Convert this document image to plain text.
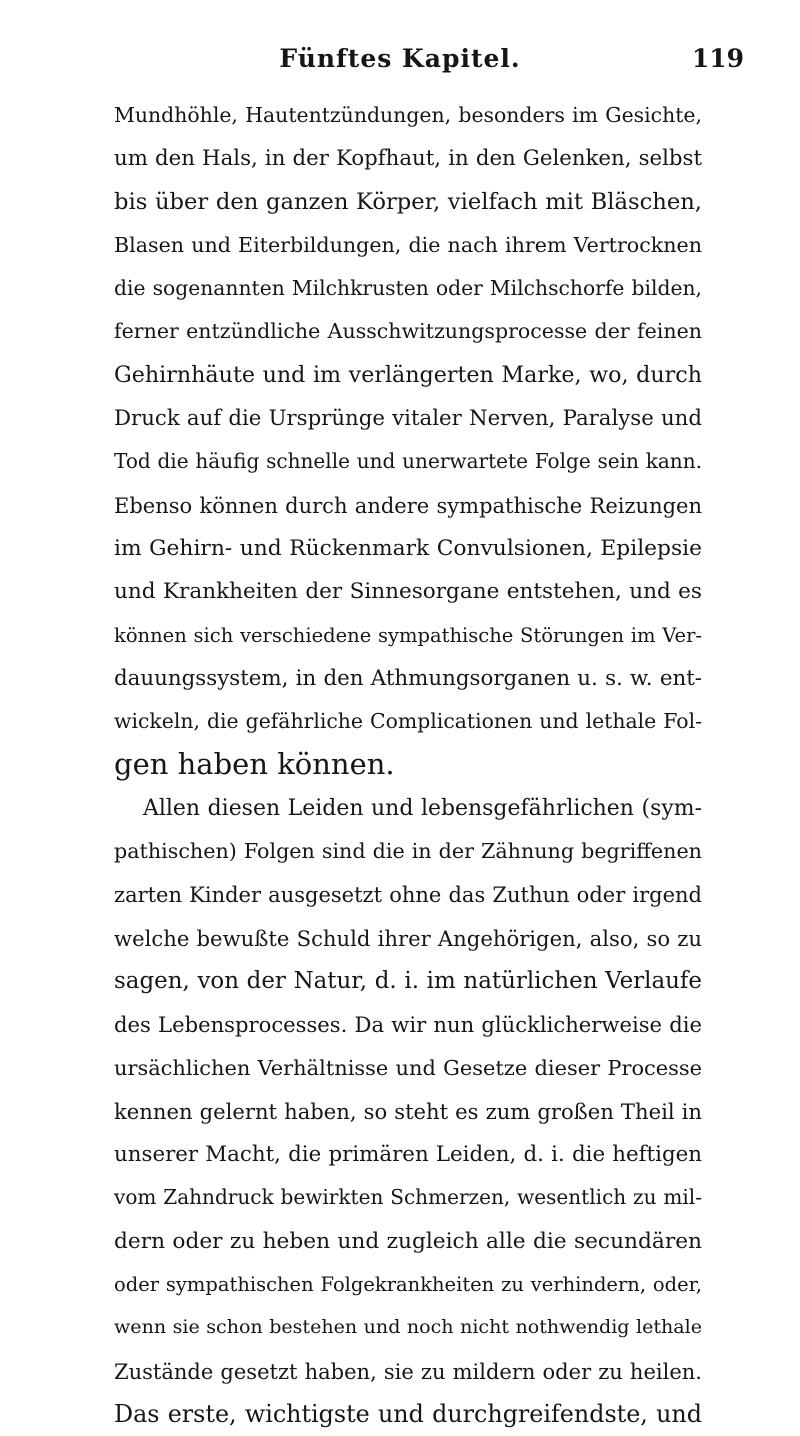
Fünftes Kapitel.	119
Mundhöhle, Hautentzündungen, besonders im Gesichte,
um den Hals, in der Kopfhaut, in den Gelenken, selbst
bis über den ganzen Körper, vielfach mit Bläschen,
Blasen und Eiterbildungen, die nach ihrem Vertrocknen
die sogenannten Milchkrusten oder Milchschorfe bilden,
ferner entzündliche Ausschwitzungsprocesse der feinen
Gehirnhäute und im verlängerten Marke, wo, durch
Druck auf die Ursprünge vitaler Nerven, Paralyse und
Tod die häufig schnelle und unerwartete Folge sein kann.
Ebenso können durch andere sympathische Reizungen
im Gehirn- und Rückenmark Convulsionen, Epilepsie
und Krankheiten der Sinnesorgane entstehen, und es
können sich verschiedene sympathische Störungen im Ver-
dauungssystem, in den Athmungsorganen u. s. w. ent-
wickeln, die gefährliche Complicationen und lethale Fol-
gen haben können.
Allen diesen Leiden und lebensgefährlichen (sym-
pathischen) Folgen sind die in der Zähnung begriffenen
zarten Kinder ausgesetzt ohne das Zuthun oder irgend
welche bewußte Schuld ihrer Angehörigen, also, so zu
sagen, von der Natur, d. i. im natürlichen Verlaufe
des Lebensprocesses. Da wir nun glücklicherweise die
ursächlichen Verhältnisse und Gesetze dieser Processe
kennen gelernt haben, so steht es zum großen Theil in
unserer Macht, die primären Leiden, d. i. die heftigen
vom Zahndruck bewirkten Schmerzen, wesentlich zu mil-
dern oder zu heben und zugleich alle die secundären
oder sympathischen Folgekrankheiten zu verhindern, oder,
wenn sie schon bestehen und noch nicht nothwendig lethale
Zustände gesetzt haben, sie zu mildern oder zu heilen.
Das erste, wichtigste und durchgreifendste, und
